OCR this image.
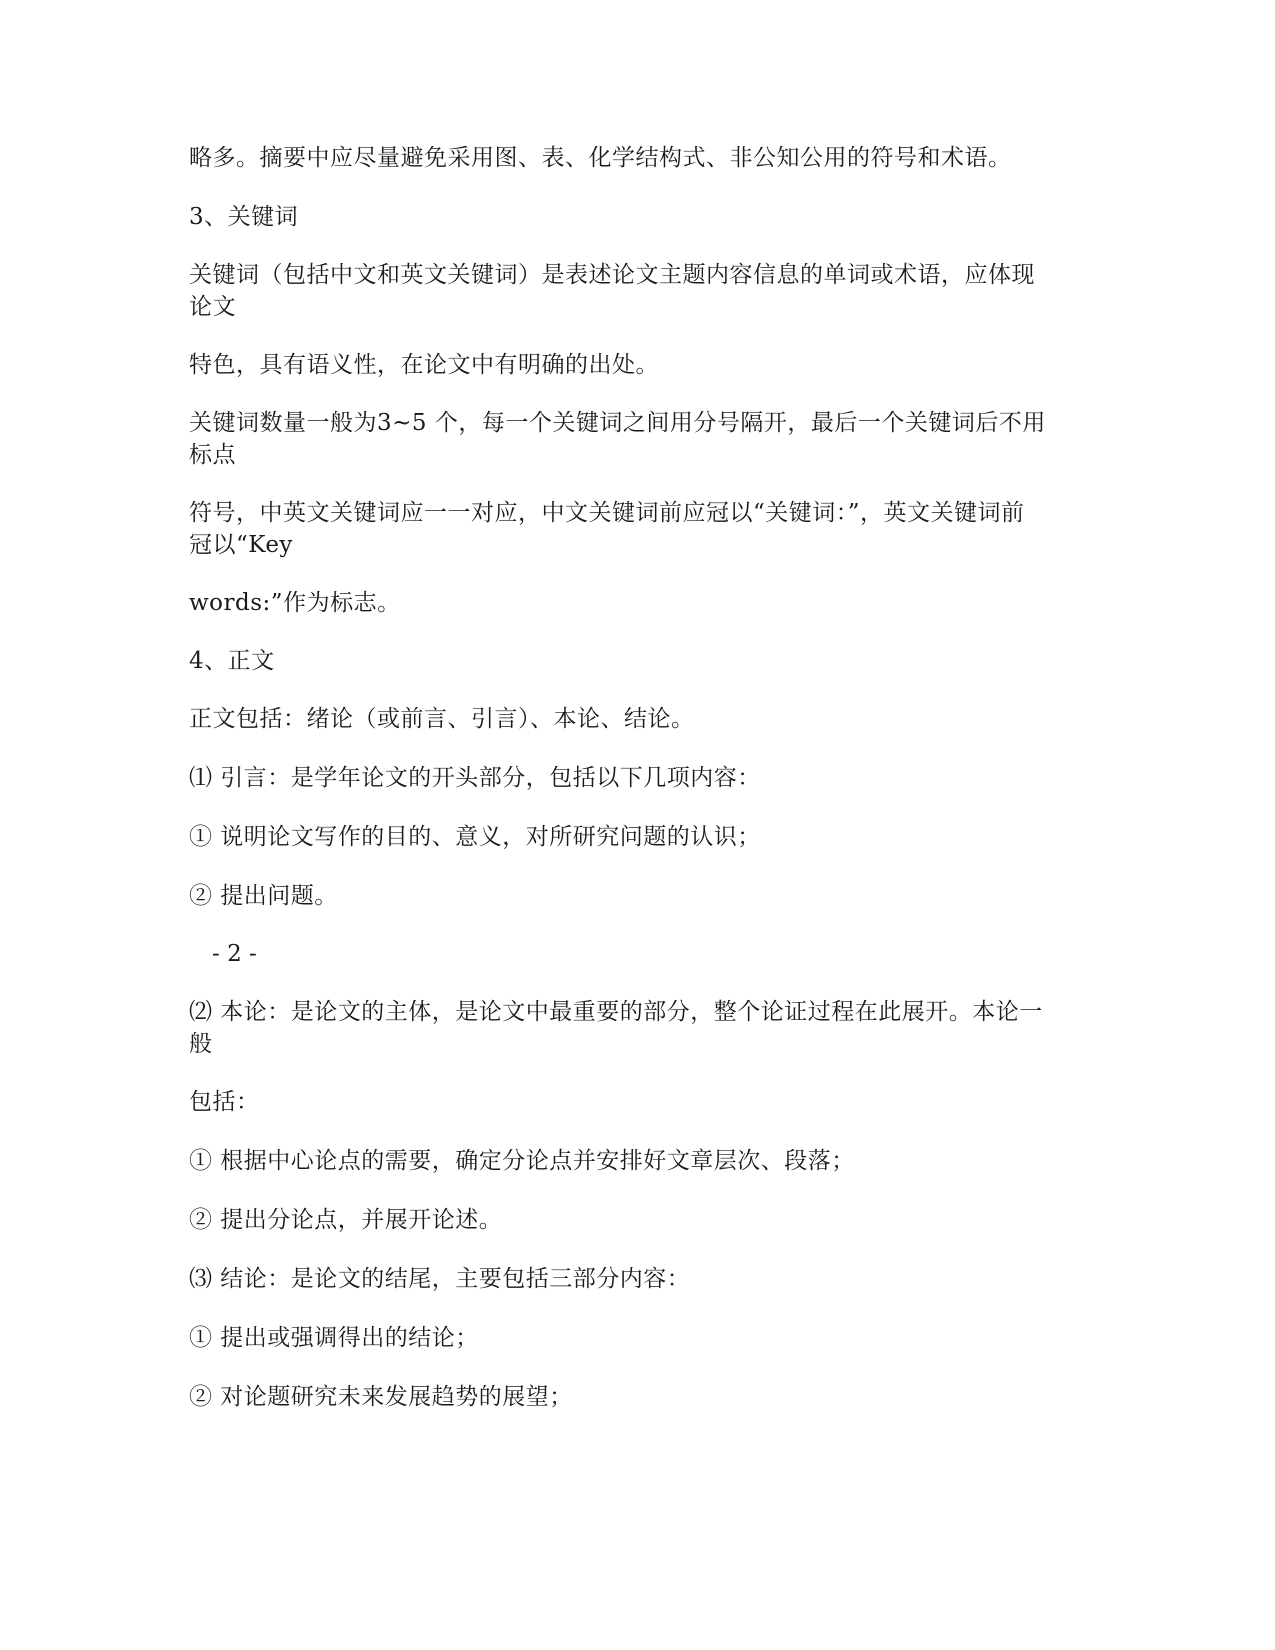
略多。摘要中应尽量避免采用图、表、化学结构式、非公知公用的符号和术语。
3、关键词
关键词（包括中文和英文关键词）是表述论文主题内容信息的单词或术语，应体现
论文
特色，具有语义性，在论文中有明确的出处。
关键词数量一般为3~5 个，每一个关键词之间用分号隔开，最后一个关键词后不用
标点
符号，中英文关键词应一一对应，中文关键词前应冠以“关键词：”，英文关键词前
冠以“Key
words:”作为标志。
4、正文
正文包括：绪论（或前言、引言）、本论、结论。
⑴ 引言：是学年论文的开头部分，包括以下几项内容：
① 说明论文写作的目的、意义，对所研究问题的认识；
② 提出问题。
- 2 -
⑵ 本论：是论文的主体，是论文中最重要的部分，整个论证过程在此展开。本论一
般
包括：
① 根据中心论点的需要，确定分论点并安排好文章层次、段落；
② 提出分论点，并展开论述。
⑶ 结论：是论文的结尾，主要包括三部分内容：
① 提出或强调得出的结论；
② 对论题研究未来发展趋势的展望；
